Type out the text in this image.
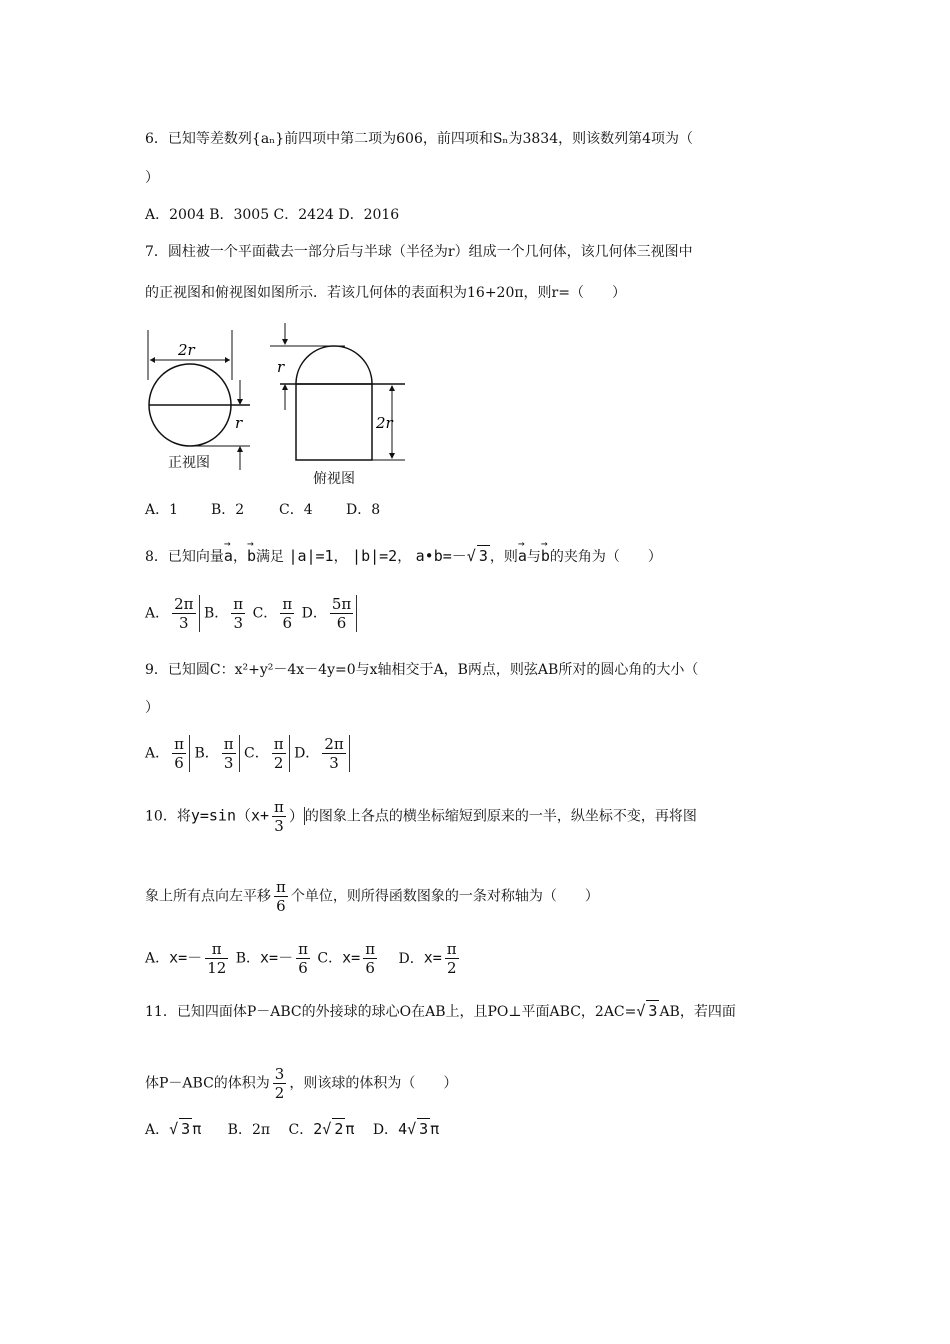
6．已知等差数列{aₙ}前四项中第二项为606，前四项和Sₙ为3834，则该数列第4项为（
）
A．2004 B．3005 C．2424 D．2016
7．圆柱被一个平面截去一部分后与半球（半径为r）组成一个几何体，该几何体三视图中
的正视图和俯视图如图所示．若该几何体的表面积为16+20π，则r=（　　）
2r
r
正视图
r
2r
俯视图
A．1 B．2 C．4 D．8
8．已知向量→ a，→ b满足 |a|=1， |b|=2， a•b=－√ 3 ，则→ a与→ b的夹角为（　　）
A． $\frac{2\pi}{3}$ B． $\frac{\pi}{3}$ C． $\frac{\pi}{6}$ D． $\frac{5\pi}{6}$
9．已知圆C：x²+y²－4x－4y=0与x轴相交于A，B两点，则弦AB所对的圆心角的大小（
）
A． $\frac{\pi}{6}$ B． $\frac{\pi}{3}$ C． $\frac{\pi}{2}$ D． $\frac{2\pi}{3}$
10．将$y=\sin(x+ \frac{\pi}{3}$ ）的图象上各点的横坐标缩短到原来的一半，纵坐标不变，再将图
象上所有点向左平移 $\frac{\pi}{6}$ 个单位，则所得函数图象的一条对称轴为（　　）
A．$x=- \frac{\pi}{12}$ B．$x=- \frac{\pi}{6}$ C．$x= \frac{\pi}{6}$ D．$x= \frac{\pi}{2}$
11．已知四面体P－ABC的外接球的球心O在AB上，且PO⊥平面ABC，2AC=√ 3 AB，若四面
体P－ABC的体积为 $\frac{3}{2}$ ，则该球的体积为（　　）
A．√ 3 π B．2π C．2√ 2 π D．4√ 3 π
